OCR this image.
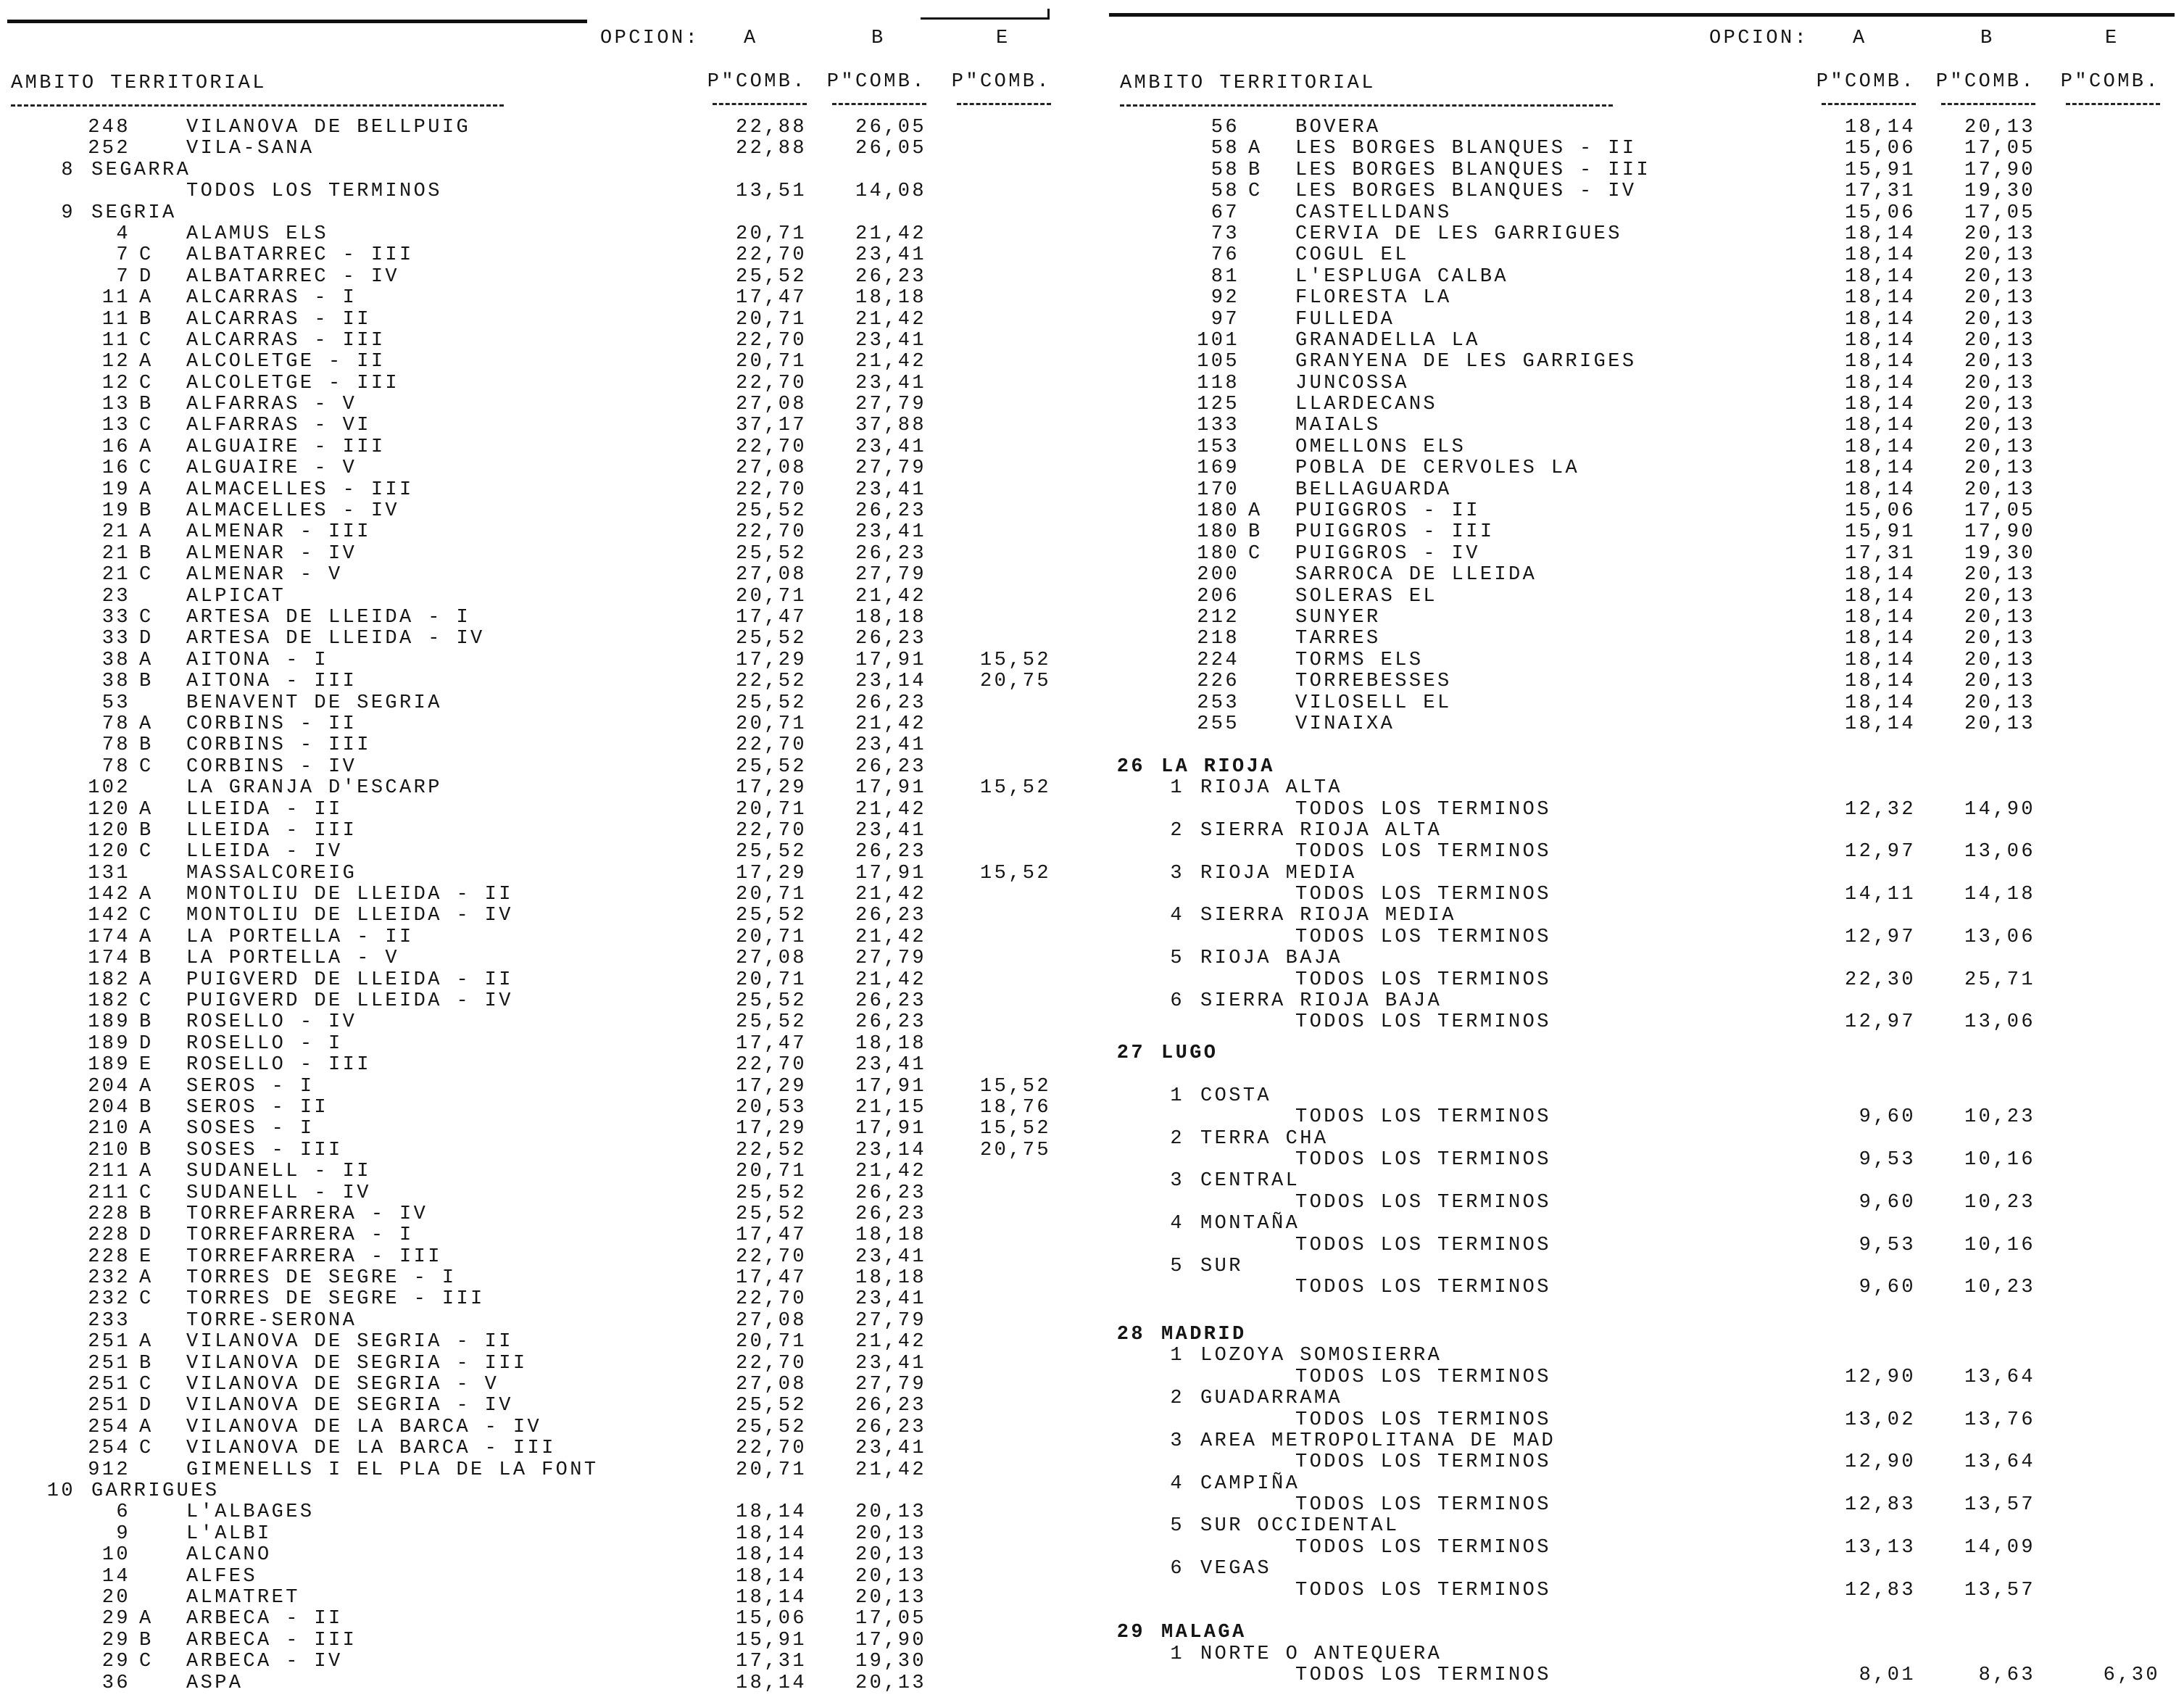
OPCION: A	B	E
AMBITO TERRITORIAL	P"COMB. P"COMB. P"COMB.
248	VILANOVA DE BELLPUIG	22,88 26,05
252	VILA-SANA	22,88 26,05
8 SEGARRA
TODOS LOS TERMINOS	13,51 14,08
9 SEGRIA
4	ALAMUS ELS	20,71 21,42
7 C ALBATARREC - III	22,70 23,41
7 D ALBATARREC - IV	25,52 26,23
11 A ALCARRAS - I	17,47 18,18
11 B ALCARRAS - II	20,71 21,42
11 C ALCARRAS - III	22,70 23,41
12 A ALCOLETGE - II	20,71 21,42
12 C ALCOLETGE - III	22,70 23,41
13 B ALFARRAS - V	27,08 27,79
13 C ALFARRAS - VI	37,17 37,88
16 A ALGUAIRE - III	22,70 23,41
16 C ALGUAIRE - V	27,08 27,79
19 A ALMACELLES - III	22,70 23,41
19 B ALMACELLES - IV	25,52 26,23
21 A ALMENAR - III	22,70 23,41
21 B ALMENAR - IV	25,52 26,23
21 C ALMENAR - V	27,08 27,79
23	ALPICAT	20,71 21,42
33 C ARTESA DE LLEIDA - I	17,47 18,18
33 D ARTESA DE LLEIDA - IV	25,52 26,23
38 A AITONA - I	17,29 17,91	15,52
38 B AITONA - III	22,52 23,14	20,75
53	BENAVENT DE SEGRIA	25,52 26,23
78 A CORBINS - II	20,71 21,42
78 B CORBINS - III	22,70 23,41
78 C CORBINS - IV	25,52 26,23
102	LA GRANJA D'ESCARP	17,29 17,91	15,52
120 A LLEIDA - II	20,71 21,42
120 B LLEIDA - III	22,70 23,41
120 C LLEIDA - IV	25,52 26,23
131	MASSALCOREIG	17,29 17,91	15,52
142 A MONTOLIU DE LLEIDA - II	20,71 21,42
142 C MONTOLIU DE LLEIDA - IV	25,52 26,23
174 A LA PORTELLA - II	20,71 21,42
174 B LA PORTELLA - V	27,08 27,79
182 A PUIGVERD DE LLEIDA - II	20,71 21,42
182 C PUIGVERD DE LLEIDA - IV	25,52 26,23
189 B ROSELLO - IV	25,52 26,23
189 D ROSELLO - I	17,47 18,18
189 E ROSELLO - III	22,70 23,41
204 A SEROS - I	17,29 17,91	15,52
204 B SEROS - II	20,53 21,15	18,76
210 A SOSES - I	17,29 17,91	15,52
210 B SOSES - III	22,52 23,14	20,75
211 A SUDANELL - II	20,71 21,42
211 C SUDANELL - IV	25,52 26,23
228 B TORREFARRERA - IV	25,52 26,23
228 D TORREFARRERA - I	17,47 18,18
228 E TORREFARRERA - III	22,70 23,41
232 A TORRES DE SEGRE - I	17,47 18,18
232 C TORRES DE SEGRE - III	22,70 23,41
233	TORRE-SERONA	27,08 27,79
251 A VILANOVA DE SEGRIA - II	20,71 21,42
251 B VILANOVA DE SEGRIA - III	22,70 23,41
251 C VILANOVA DE SEGRIA - V	27,08 27,79
251 D VILANOVA DE SEGRIA - IV	25,52 26,23
254 A VILANOVA DE LA BARCA - IV	25,52 26,23
254 C VILANOVA DE LA BARCA - III	22,70 23,41
912	GIMENELLS I EL PLA DE LA FONT	20,71 21,42
10 GARRIGUES
6	L'ALBAGES	18,14 20,13
9	L'ALBI	18,14 20,13
10	ALCANO	18,14 20,13
14	ALFES	18,14 20,13
20	ALMATRET	18,14 20,13
29 A ARBECA - II	15,06 17,05
29 B ARBECA - III	15,91 17,90
29 C ARBECA - IV	17,31 19,30
36	ASPA	18,14 20,13
OPCION: A	B	E
AMBITO TERRITORIAL	P"COMB. P"COMB. P"COMB.
56	BOVERA	18,14 20,13
58 A LES BORGES BLANQUES - II	15,06 17,05
58 B LES BORGES BLANQUES - III	15,91 17,90
58 C LES BORGES BLANQUES - IV	17,31 19,30
67	CASTELLDANS	15,06 17,05
73	CERVIA DE LES GARRIGUES	18,14 20,13
76	COGUL EL	18,14 20,13
81	L'ESPLUGA CALBA	18,14 20,13
92	FLORESTA LA	18,14 20,13
97	FULLEDA	18,14 20,13
101	GRANADELLA LA	18,14 20,13
105	GRANYENA DE LES GARRIGES	18,14 20,13
118	JUNCOSSA	18,14 20,13
125	LLARDECANS	18,14 20,13
133	MAIALS	18,14 20,13
153	OMELLONS ELS	18,14 20,13
169	POBLA DE CERVOLES LA	18,14 20,13
170	BELLAGUARDA	18,14 20,13
180 A PUIGGROS - II	15,06 17,05
180 B PUIGGROS - III	15,91 17,90
180 C PUIGGROS - IV	17,31 19,30
200	SARROCA DE LLEIDA	18,14 20,13
206	SOLERAS EL	18,14 20,13
212	SUNYER	18,14 20,13
218	TARRES	18,14 20,13
224	TORMS ELS	18,14 20,13
226	TORREBESSES	18,14 20,13
253	VILOSELL EL	18,14 20,13
255	VINAIXA	18,14 20,13
26 LA RIOJA
1 RIOJA ALTA
TODOS LOS TERMINOS	12,32 14,90
2 SIERRA RIOJA ALTA
TODOS LOS TERMINOS	12,97 13,06
3 RIOJA MEDIA
TODOS LOS TERMINOS	14,11 14,18
4 SIERRA RIOJA MEDIA
TODOS LOS TERMINOS	12,97 13,06
5 RIOJA BAJA
TODOS LOS TERMINOS	22,30 25,71
6 SIERRA RIOJA BAJA
TODOS LOS TERMINOS	12,97 13,06
27 LUGO
1 COSTA
TODOS LOS TERMINOS	9,60 10,23
2 TERRA CHA
TODOS LOS TERMINOS	9,53 10,16
3 CENTRAL
TODOS LOS TERMINOS	9,60 10,23
4 MONTAÑA
TODOS LOS TERMINOS	9,53 10,16
5 SUR
TODOS LOS TERMINOS	9,60 10,23
28 MADRID
1 LOZOYA SOMOSIERRA
TODOS LOS TERMINOS	12,90 13,64
2 GUADARRAMA
TODOS LOS TERMINOS	13,02 13,76
3 AREA METROPOLITANA DE MAD
TODOS LOS TERMINOS	12,90 13,64
4 CAMPIÑA
TODOS LOS TERMINOS	12,83 13,57
5 SUR OCCIDENTAL
TODOS LOS TERMINOS	13,13 14,09
6 VEGAS
TODOS LOS TERMINOS	12,83 13,57
29 MALAGA
1 NORTE O ANTEQUERA
TODOS LOS TERMINOS	8,01	8,63	6,30
